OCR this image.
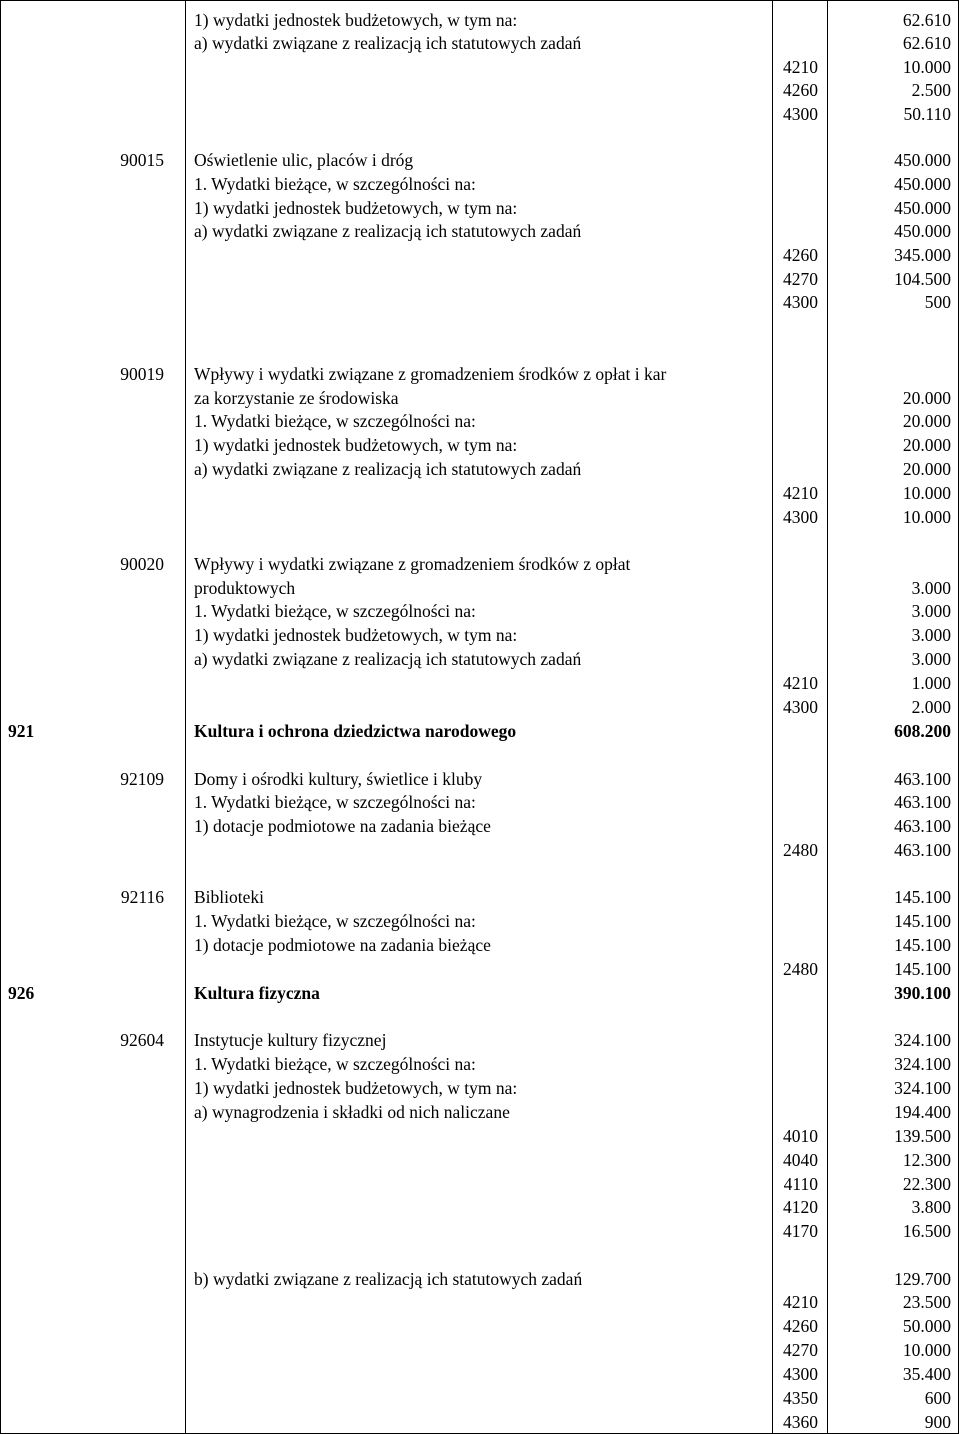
1) wydatki jednostek budżetowych, w tym na:	62.610
a) wydatki związane z realizacją ich statutowych zadań	62.610
4210	10.000
4260	2.500
4300	50.110
90015 Oświetlenie ulic, placów i dróg	450.000
1. Wydatki bieżące, w szczególności na:	450.000
1) wydatki jednostek budżetowych, w tym na:	450.000
a) wydatki związane z realizacją ich statutowych zadań	450.000
4260	345.000
4270	104.500
4300	500
90019 Wpływy i wydatki związane z gromadzeniem środków z opłat i kar
za korzystanie ze środowiska	20.000
1. Wydatki bieżące, w szczególności na:	20.000
1) wydatki jednostek budżetowych, w tym na:	20.000
a) wydatki związane z realizacją ich statutowych zadań	20.000
4210	10.000
4300	10.000
90020 Wpływy i wydatki związane z gromadzeniem środków z opłat
produktowych	3.000
1. Wydatki bieżące, w szczególności na:	3.000
1) wydatki jednostek budżetowych, w tym na:	3.000
a) wydatki związane z realizacją ich statutowych zadań	3.000
4210	1.000
4300	2.000
921	Kultura i ochrona dziedzictwa narodowego	608.200
92109 Domy i ośrodki kultury, świetlice i kluby	463.100
1. Wydatki bieżące, w szczególności na:	463.100
1) dotacje podmiotowe na zadania bieżące	463.100
2480	463.100
92116 Biblioteki	145.100
1. Wydatki bieżące, w szczególności na:	145.100
1) dotacje podmiotowe na zadania bieżące	145.100
2480	145.100
926	Kultura fizyczna	390.100
92604 Instytucje kultury fizycznej	324.100
1. Wydatki bieżące, w szczególności na:	324.100
1) wydatki jednostek budżetowych, w tym na:	324.100
a) wynagrodzenia i składki od nich naliczane	194.400
4010	139.500
4040	12.300
4110	22.300
4120	3.800
4170	16.500
b) wydatki związane z realizacją ich statutowych zadań	129.700
4210	23.500
4260	50.000
4270	10.000
4300	35.400
4350	600
4360	900
